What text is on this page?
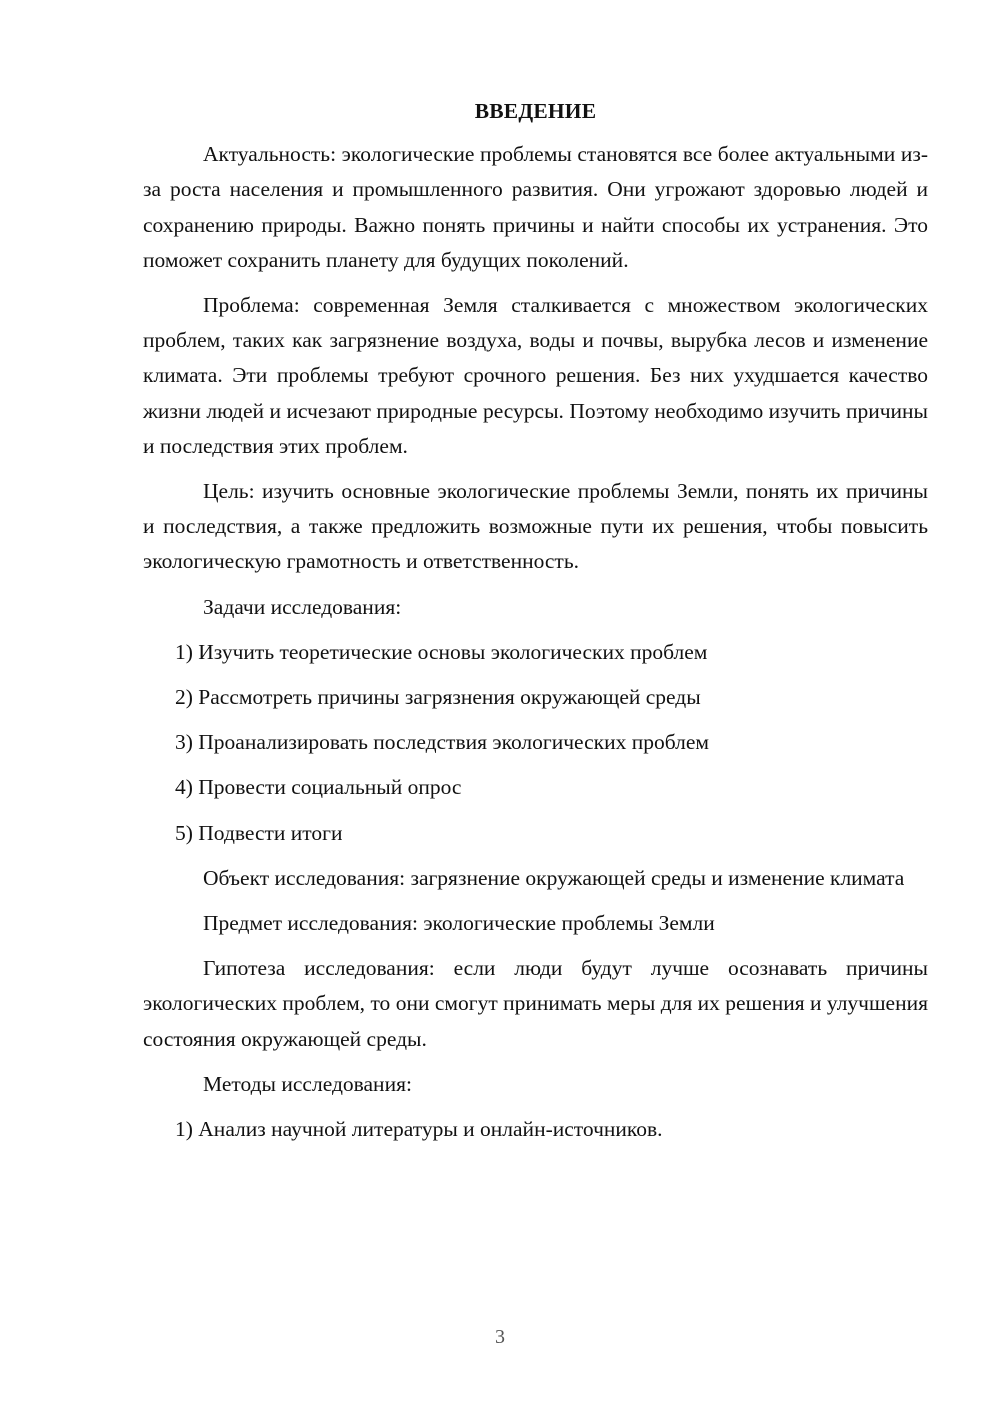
ВВЕДЕНИЕ

Актуальность: экологические проблемы становятся все более актуальными из-за роста населения и промышленного развития. Они угрожают здоровью людей и сохранению природы. Важно понять причины и найти способы их устранения. Это поможет сохранить планету для будущих поколений.

Проблема: современная Земля сталкивается с множеством экологических проблем, таких как загрязнение воздуха, воды и почвы, вырубка лесов и изменение климата. Эти проблемы требуют срочного решения. Без них ухудшается качество жизни людей и исчезают природные ресурсы. Поэтому необходимо изучить причины и последствия этих проблем.

Цель: изучить основные экологические проблемы Земли, понять их причины и последствия, а также предложить возможные пути их решения, чтобы повысить экологическую грамотность и ответственность.

Задачи исследования:

1) Изучить теоретические основы экологических проблем
2) Рассмотреть причины загрязнения окружающей среды
3) Проанализировать последствия экологических проблем
4) Провести социальный опрос
5) Подвести итоги

Объект исследования: загрязнение окружающей среды и изменение климата

Предмет исследования: экологические проблемы Земли

Гипотеза исследования: если люди будут лучше осознавать причины экологических проблем, то они смогут принимать меры для их решения и улучшения состояния окружающей среды.

Методы исследования:

1) Анализ научной литературы и онлайн-источников.
3
